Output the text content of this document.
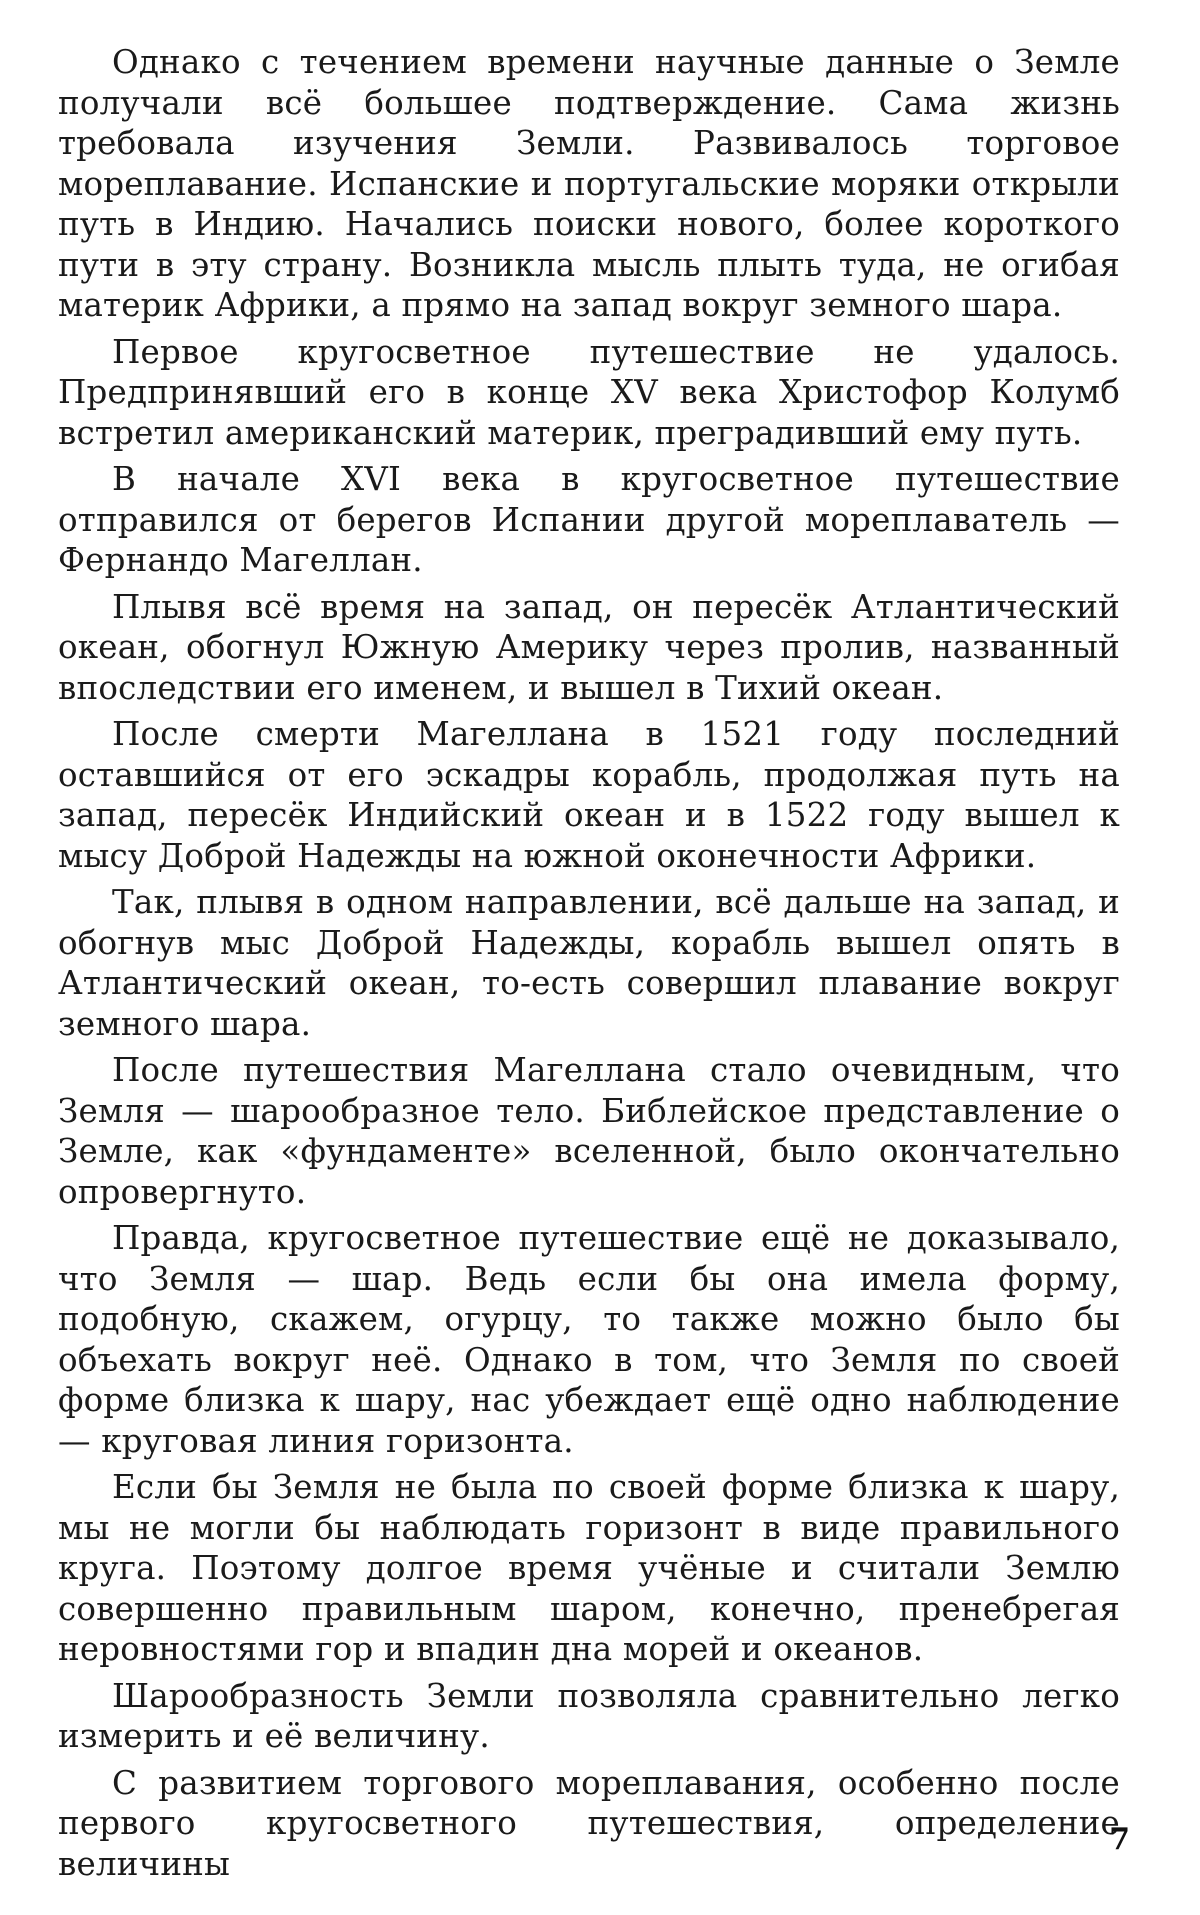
Однако с течением времени научные данные о Земле получали всё большее подтверждение. Сама жизнь требовала изучения Земли. Развивалось торговое мореплавание. Испанские и португальские моряки открыли путь в Индию. Начались поиски нового, более короткого пути в эту страну. Возникла мысль плыть туда, не огибая материк Африки, а прямо на запад вокруг земного шара.

Первое кругосветное путешествие не удалось. Предпринявший его в конце XV века Христофор Колумб встретил американский материк, преградивший ему путь.

В начале XVI века в кругосветное путешествие отправился от берегов Испании другой мореплаватель — Фернандо Магеллан.

Плывя всё время на запад, он пересёк Атлантический океан, обогнул Южную Америку через пролив, названный впоследствии его именем, и вышел в Тихий океан.

После смерти Магеллана в 1521 году последний оставшийся от его эскадры корабль, продолжая путь на запад, пересёк Индийский океан и в 1522 году вышел к мысу Доброй Надежды на южной оконечности Африки.

Так, плывя в одном направлении, всё дальше на запад, и обогнув мыс Доброй Надежды, корабль вышел опять в Атлантический океан, то-есть совершил плавание вокруг земного шара.

После путешествия Магеллана стало очевидным, что Земля — шарообразное тело. Библейское представление о Земле, как «фундаменте» вселенной, было окончательно опровергнуто.

Правда, кругосветное путешествие ещё не доказывало, что Земля — шар. Ведь если бы она имела форму, подобную, скажем, огурцу, то также можно было бы объехать вокруг неё. Однако в том, что Земля по своей форме близка к шару, нас убеждает ещё одно наблюдение — круговая линия горизонта.

Если бы Земля не была по своей форме близка к шару, мы не могли бы наблюдать горизонт в виде правильного круга. Поэтому долгое время учёные и считали Землю совершенно правильным шаром, конечно, пренебрегая неровностями гор и впадин дна морей и океанов.

Шарообразность Земли позволяла сравнительно легко измерить и её величину.

С развитием торгового мореплавания, особенно после первого кругосветного путешествия, определение величины

7
